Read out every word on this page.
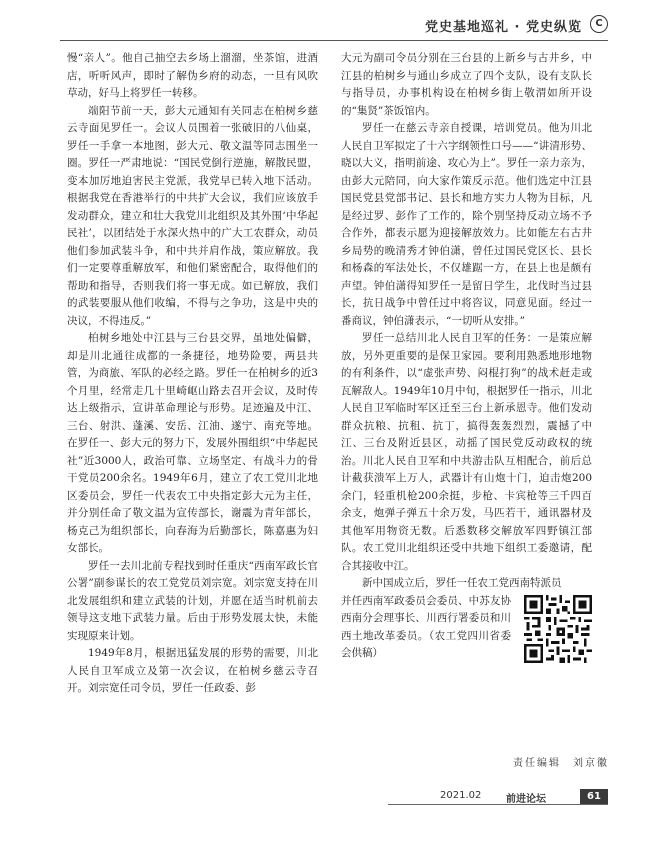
党史基地巡礼 · 党史纵览	C

慢“亲人”。他自己抽空去乡场上溜溜，坐茶馆，进酒店，听听风声，即时了解伪乡府的动态，一旦有风吹草动，好马上将罗任一转移。

端阳节前一天，彭大元通知有关同志在柏树乡慈云寺面见罗任一。会议人员围着一张破旧的八仙桌，罗任一手拿一本地图，彭大元、敬文温等同志围坐一圈。罗任一严肃地说：“国民党倒行逆施，解散民盟，变本加厉地迫害民主党派，我党早已转入地下活动。根据我党在香港举行的中共扩大会议，我们应该放手发动群众，建立和壮大我党川北组织及其外围‘中华起民社’，以团结处于水深火热中的广大工农群众，动员他们参加武装斗争，和中共并肩作战，策应解放。我们一定要尊重解放军，和他们紧密配合，取得他们的帮助和指导，否则我们将一事无成。如已解放，我们的武装要服从他们收编，不得与之争功，这是中央的决议，不得违反。”

柏树乡地处中江县与三台县交界，虽地处偏僻，却是川北通往成都的一条捷径，地势险要，两县共管，为商旅、军队的必经之路。罗任一在柏树乡的近3个月里，经常走几十里崎岖山路去召开会议，及时传达上级指示，宣讲革命理论与形势。足迹遍及中江、三台、射洪、蓬溪、安岳、江油、遂宁、南充等地。在罗任一、彭大元的努力下，发展外围组织“中华起民社”近3000人，政治可靠、立场坚定、有战斗力的骨干党员200余名。1949年6月，建立了农工党川北地区委员会，罗任一代表农工中央指定彭大元为主任，并分别任命了敬文温为宣传部长，谢震为青年部长，杨克己为组织部长，向春海为后勤部长，陈嘉惠为妇女部长。

罗任一去川北前专程找到时任重庆“西南军政长官公署”副参谋长的农工党党员刘宗宽。刘宗宽支持在川北发展组织和建立武装的计划，并愿在适当时机前去领导这支地下武装力量。后由于形势发展太快，未能实现原来计划。

1949年8月，根据迅猛发展的形势的需要，川北人民自卫军成立及第一次会议，在柏树乡慈云寺召开。刘宗宽任司令员，罗任一任政委、彭

大元为副司令员分别在三台县的上新乡与古井乡，中江县的柏树乡与通山乡成立了四个支队，设有支队长与指导员，办事机构设在柏树乡街上敬渭如所开设的“集贤”茶饭馆内。

罗任一在慈云寺亲自授课，培训党员。他为川北人民自卫军拟定了十六字纲领性口号——“讲清形势、晓以大义，指明前途、攻心为上”。罗任一亲力亲为，由彭大元陪同，向大家作策反示范。他们选定中江县国民党县党部书记、县长和地方实力人物为目标，凡是经过罗、彭作了工作的，除个别坚持反动立场不予合作外，都表示愿为迎接解放效力。比如能左右古井乡局势的晚清秀才钟伯潇，曾任过国民党区长、县长和杨森的军法处长，不仅雄踞一方，在县上也是颇有声望。钟伯潇得知罗任一是留日学生，北伐时当过县长，抗日战争中曾任过中将咨议，同意见面。经过一番商议，钟伯潇表示，“一切听从安排。”

罗任一总结川北人民自卫军的任务：一是策应解放，另外更重要的是保卫家园。要利用熟悉地形地物的有利条件，以“虚张声势、闷棍打狗”的战术赶走或瓦解敌人。1949年10月中旬，根据罗任一指示，川北人民自卫军临时军区迁至三台上新承恩寺。他们发动群众抗粮、抗租、抗丁，搞得轰轰烈烈，震撼了中江、三台及附近县区，动摇了国民党反动政权的统治。川北人民自卫军和中共游击队互相配合，前后总计截获溃军上万人，武器计有山炮十门，迫击炮200余门，轻重机枪200余挺，步枪、卡宾枪等三千四百余支，炮弹子弹五十余万发，马匹若干，通讯器材及其他军用物资无数。后悉数移交解放军四野镇江部队。农工党川北组织还受中共地下组织工委邀请，配合其接收中江。

新中国成立后，罗任一任农工党西南特派员

并任西南军政委员会委员、中苏友协西南分会理事长、川西行署委员和川西土地改革委员。（农工党四川省委会供稿）

责任编辑　刘京徽
2021.02 前进论坛	61
